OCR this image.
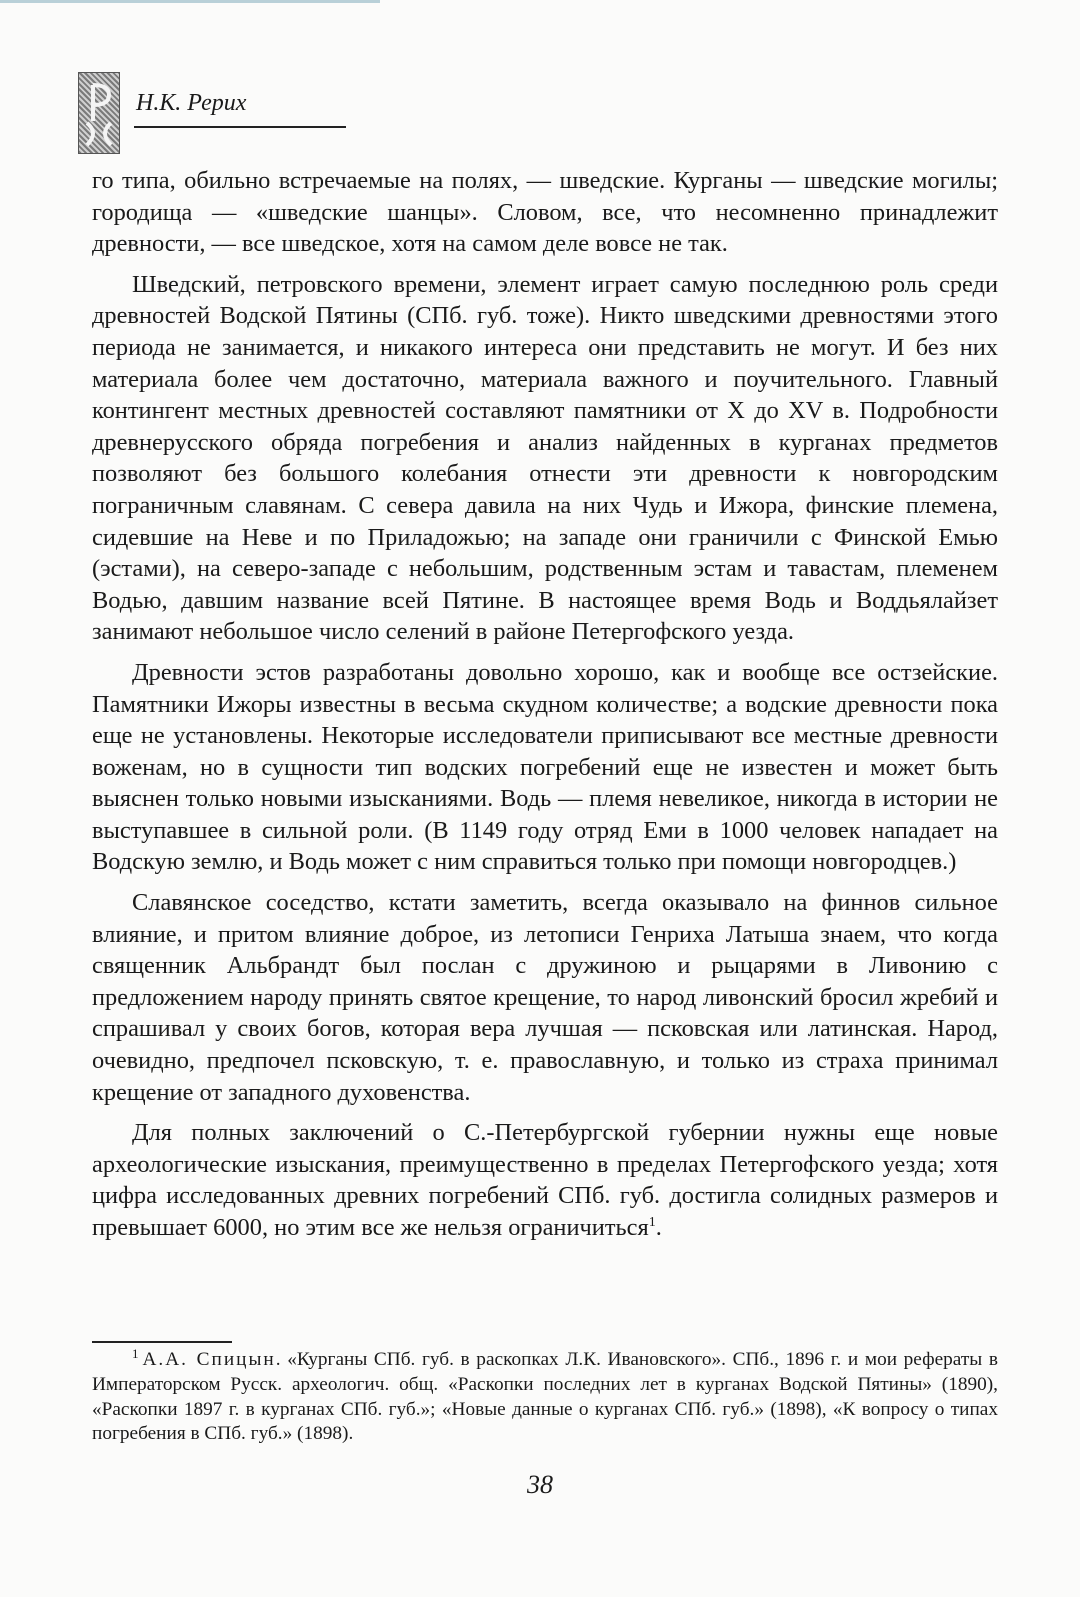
Н.К. Рерих

го типа, обильно встречаемые на полях, — шведские. Курганы — шведские могилы; городища — «шведские шанцы». Словом, все, что несомненно принадлежит древности, — все шведское, хотя на самом деле вовсе не так.

Шведский, петровского времени, элемент играет самую последнюю роль среди древностей Водской Пятины (СПб. губ. тоже). Никто шведскими древностями этого периода не занимается, и никакого интереса они представить не могут. И без них материала более чем достаточно, материала важного и поучительного. Главный контингент местных древностей составляют памятники от X до XV в. Подробности древнерусского обряда погребения и анализ найденных в курганах предметов позволяют без большого колебания отнести эти древности к новгородским пограничным славянам. С севера давила на них Чудь и Ижора, финские племена, сидевшие на Неве и по Приладожью; на западе они граничили с Финской Емью (эстами), на северо-западе с небольшим, родственным эстам и тавастам, племенем Водью, давшим название всей Пятине. В настоящее время Водь и Воддьялайзет занимают небольшое число селений в районе Петергофского уезда.

Древности эстов разработаны довольно хорошо, как и вообще все остзейские. Памятники Ижоры известны в весьма скудном количестве; а водские древности пока еще не установлены. Некоторые исследователи приписывают все местные древности воженам, но в сущности тип водских погребений еще не известен и может быть выяснен только новыми изысканиями. Водь — племя невеликое, никогда в истории не выступавшее в сильной роли. (В 1149 году отряд Еми в 1000 человек нападает на Водскую землю, и Водь может с ним справиться только при помощи новгородцев.)

Славянское соседство, кстати заметить, всегда оказывало на финнов сильное влияние, и притом влияние доброе, из летописи Генриха Латыша знаем, что когда священник Альбрандт был послан с дружиною и рыцарями в Ливонию с предложением народу принять святое крещение, то народ ливонский бросил жребий и спрашивал у своих богов, которая вера лучшая — псковская или латинская. Народ, очевидно, предпочел псковскую, т. е. православную, и только из страха принимал крещение от западного духовенства.

Для полных заключений о С.-Петербургской губернии нужны еще новые археологические изыскания, преимущественно в пределах Петергофского уезда; хотя цифра исследованных древних погребений СПб. губ. достигла солидных размеров и превышает 6000, но этим все же нельзя ограничиться$^1$.

$^1$ А.А. Спицын. «Курганы СПб. губ. в раскопках Л.К. Ивановского». СПб., 1896 г. и мои рефераты в Императорском Русск. археологич. общ. «Раскопки последних лет в курганах Водской Пятины» (1890), «Раскопки 1897 г. в курганах СПб. губ.»; «Новые данные о курганах СПб. губ.» (1898), «К вопросу о типах погребения в СПб. губ.» (1898).

38
